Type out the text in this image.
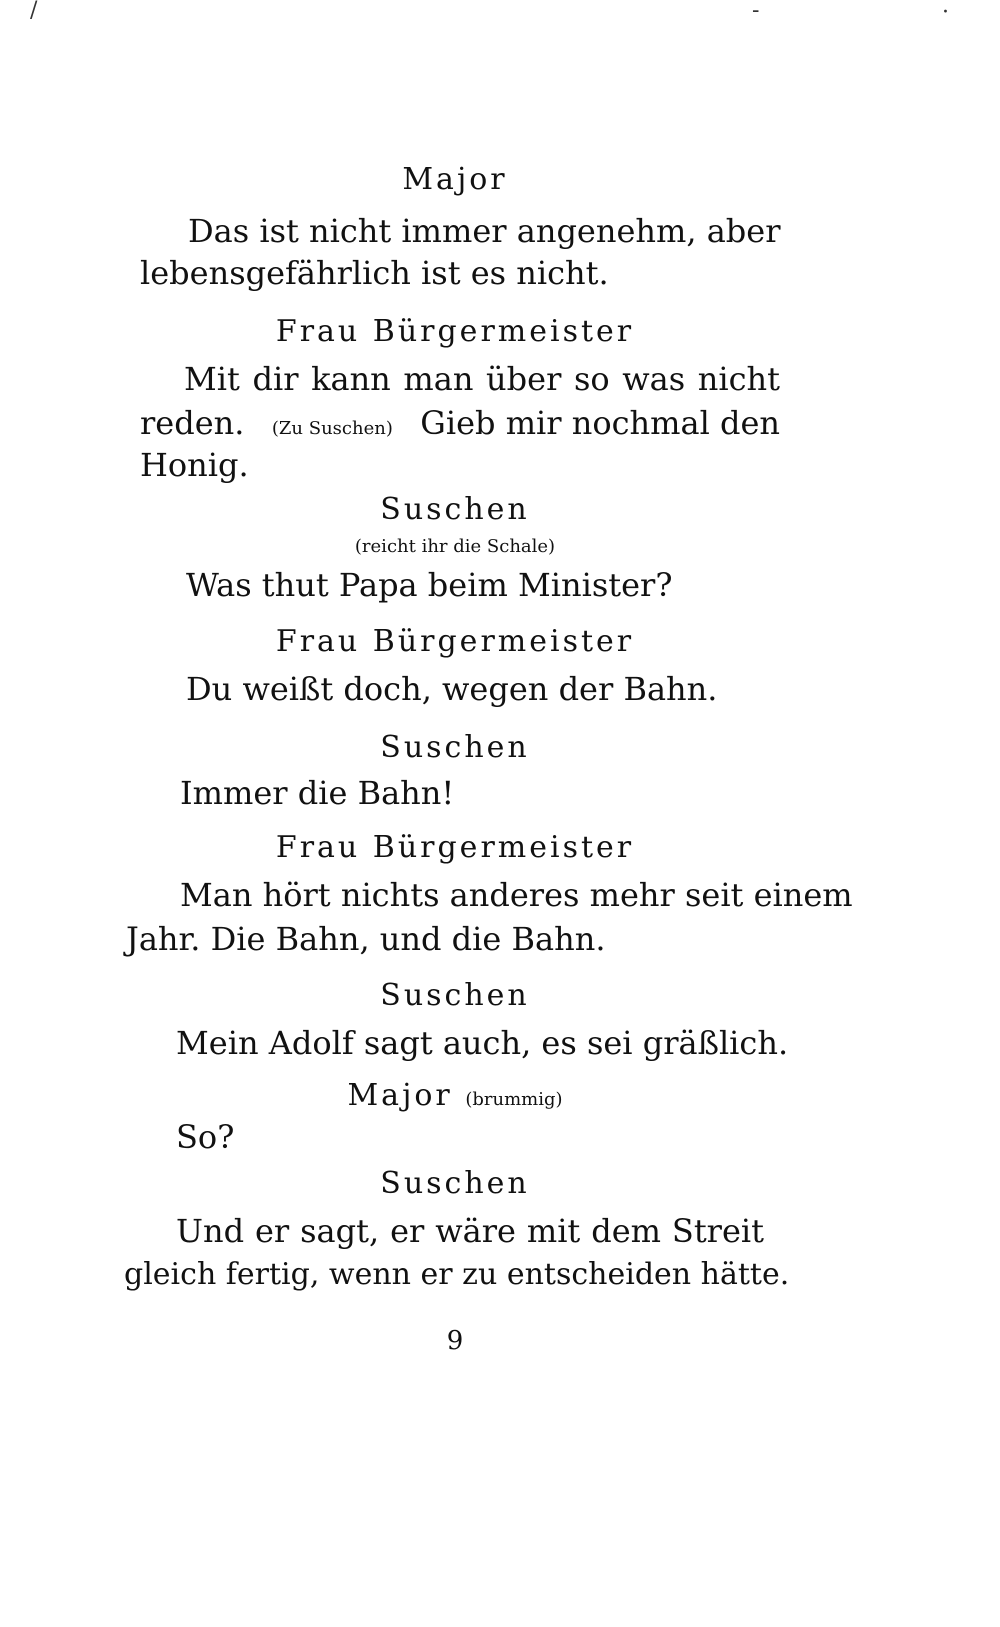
/	-	·
Major
Das ist nicht immer angenehm, aber
lebensgefährlich ist es nicht.
Frau Bürgermeister
Mit dir kann man über so was nicht
reden. (Zu Suschen) Gieb mir nochmal den
Honig.
Suschen
(reicht ihr die Schale)
Was thut Papa beim Minister?
Frau Bürgermeister
Du weißt doch, wegen der Bahn.
Suschen
Immer die Bahn!
Frau Bürgermeister
Man hört nichts anderes mehr seit einem
Jahr. Die Bahn, und die Bahn.
Suschen
Mein Adolf sagt auch, es sei gräßlich.
Major (brummig)
So?
Suschen
Und er sagt, er wäre mit dem Streit
gleich fertig, wenn er zu entscheiden hätte.
9
